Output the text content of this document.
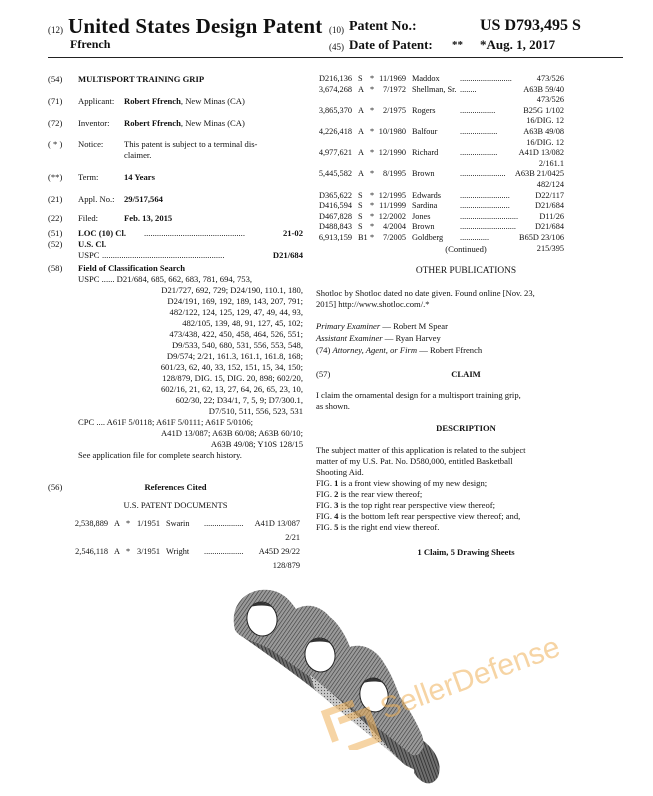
(12) United States Design Patent
Ffrench
(10) Patent No.:	US D793,495 S
(45) Date of Patent: ** *Aug. 1, 2017
(54) MULTISPORT TRAINING GRIP
(71) Applicant: Robert Ffrench, New Minas (CA)
(72) Inventor: Robert Ffrench, New Minas (CA)
( * ) Notice: This patent is subject to a terminal dis-
claimer.
(**) Term:	14 Years
(21) Appl. No.: 29/517,564
(22) Filed:	Feb. 13, 2015
(51) LOC (10) Cl. ...............................................	21-02
(52) U.S. Cl.
USPC .........................................................	D21/684
(58) Field of Classification Search
USPC ...... D21/684, 685, 662, 683, 781, 694, 753,
D21/727, 692, 729; D24/190, 110.1, 180,
D24/191, 169, 192, 189, 143, 207, 791;
482/122, 124, 125, 129, 47, 49, 44, 93,
482/105, 139, 48, 91, 127, 45, 102;
473/438, 422, 450, 458, 464, 526, 551;
D9/533, 540, 680, 531, 556, 553, 548,
D9/574; 2/21, 161.3, 161.1, 161.8, 168;
601/23, 62, 40, 33, 152, 151, 15, 34, 150;
128/879, DIG. 15, DIG. 20, 898; 602/20,
602/16, 21, 62, 13, 27, 64, 26, 65, 23, 10,
602/30, 22; D34/1, 7, 5, 9; D7/300.1,
D7/510, 511, 556, 523, 531
CPC .... A61F 5/0118; A61F 5/0111; A61F 5/0106;
A41D 13/087; A63B 60/08; A63B 60/10;
A63B 49/08; Y10S 128/15
See application file for complete search history.
(56)	References Cited
U.S. PATENT DOCUMENTS
2,538,889 A * 1/1951 Swarin	...................	A41D 13/087
2/21
2,546,118 A * 3/1951 Wright	...................	A45D 29/22
128/879
D216,136 S * 11/1969 Maddox	.........................	473/526
3,674,268 A *	7/1972 Shellman, Sr. ........	A63B 59/40
473/526
3,865,370 A *	2/1975 Rogers	.................	B25G 1/102
16/DIG. 12
4,226,418 A * 10/1980 Balfour	..................	A63B 49/08
16/DIG. 12
4,977,621 A * 12/1990 Richard	..................	A41D 13/082
2/161.1
5,445,582 A *	8/1995 Brown	......................	A63B 21/0425
482/124
D365,622 S * 12/1995 Edwards	........................	D22/117
D416,594 S * 11/1999 Sardina	........................	D21/684
D467,828 S * 12/2002 Jones	............................	D11/26
D488,843 S *	4/2004 Brown	...........................	D21/684
6,913,159 B1 *	7/2005 Goldberg	..............	B65D 23/106
215/395
(Continued)
OTHER PUBLICATIONS
Shotloc by Shotloc dated no date given. Found online [Nov. 23,
2015] http://www.shotloc.com/.*
Primary Examiner — Robert M Spear
Assistant Examiner — Ryan Harvey
(74) Attorney, Agent, or Firm — Robert Ffrench
(57)	CLAIM
I claim the ornamental design for a multisport training grip,
as shown.
DESCRIPTION
The subject matter of this application is related to the subject
matter of my U.S. Pat. No. D580,000, entitled Basketball
Shooting Aid.
FIG. 1 is a front view showing of my new design;
FIG. 2 is the rear view thereof;
FIG. 3 is the top right rear perspective view thereof;
FIG. 4 is the bottom left rear perspective view thereof; and,
FIG. 5 is the right end view thereof.
1 Claim, 5 Drawing Sheets
SellerDefense
